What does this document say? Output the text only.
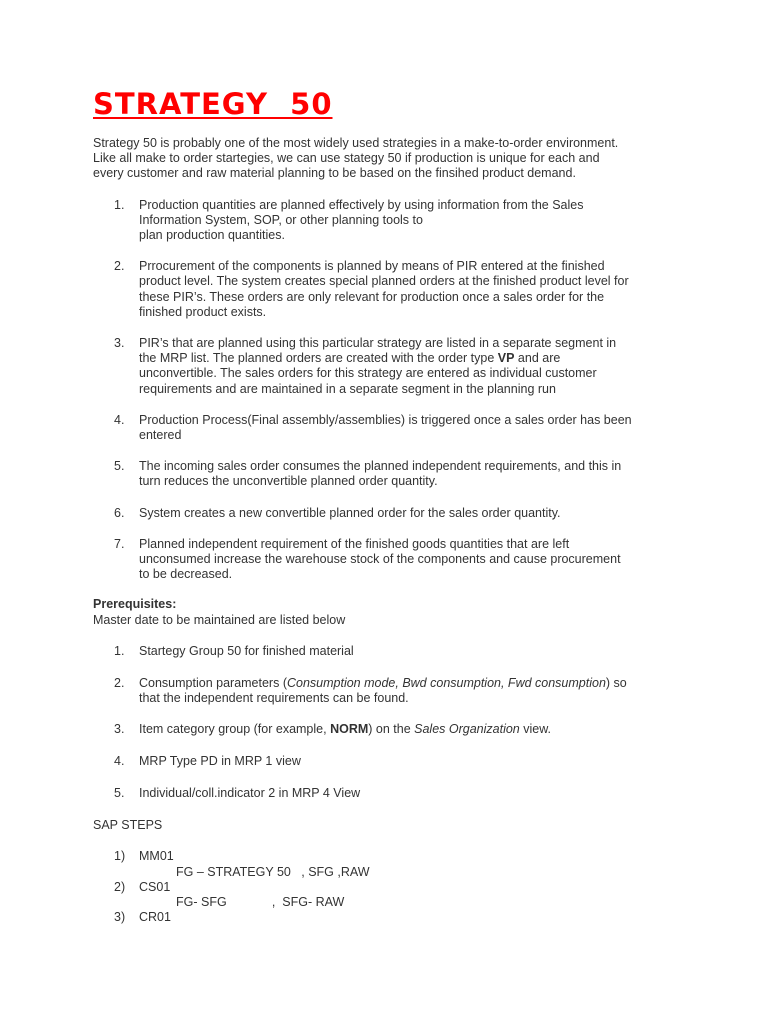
STRATEGY  50

Strategy 50 is probably one of the most widely used strategies in a make-to-order environment.

Like all make to order startegies, we can use stategy 50 if production is unique for each and

every customer and raw material planning to be based on the finsihed product demand.

1. Production quantities are planned effectively by using information from the Sales
Information System, SOP, or other planning tools to
plan production quantities.
2. Prrocurement of the components is planned by means of PIR entered at the finished
product level. The system creates special planned orders at the finished product level for
these PIR’s. These orders are only relevant for production once a sales order for the
finished product exists.
3. PIR’s that are planned using this particular strategy are listed in a separate segment in
the MRP list. The planned orders are created with the order type VP and are
unconvertible. The sales orders for this strategy are entered as individual customer
requirements and are maintained in a separate segment in the planning run
4. Production Process(Final assembly/assemblies) is triggered once a sales order has been
entered
5. The incoming sales order consumes the planned independent requirements, and this in
turn reduces the unconvertible planned order quantity.
6. System creates a new convertible planned order for the sales order quantity.
7. Planned independent requirement of the finished goods quantities that are left
unconsumed increase the warehouse stock of the components and cause procurement
to be decreased.
Prerequisites:
Master date to be maintained are listed below
1. Startegy Group 50 for finished material
2. Consumption parameters (Consumption mode, Bwd consumption, Fwd consumption) so
that the independent requirements can be found.
3. Item category group (for example, NORM) on the Sales Organization view.
4. MRP Type PD in MRP 1 view
5. Individual/coll.indicator 2 in MRP 4 View
SAP STEPS
1) MM01
FG – STRATEGY 50   , SFG ,RAW
2) CS01
FG- SFG             ,  SFG- RAW
3) CR01
